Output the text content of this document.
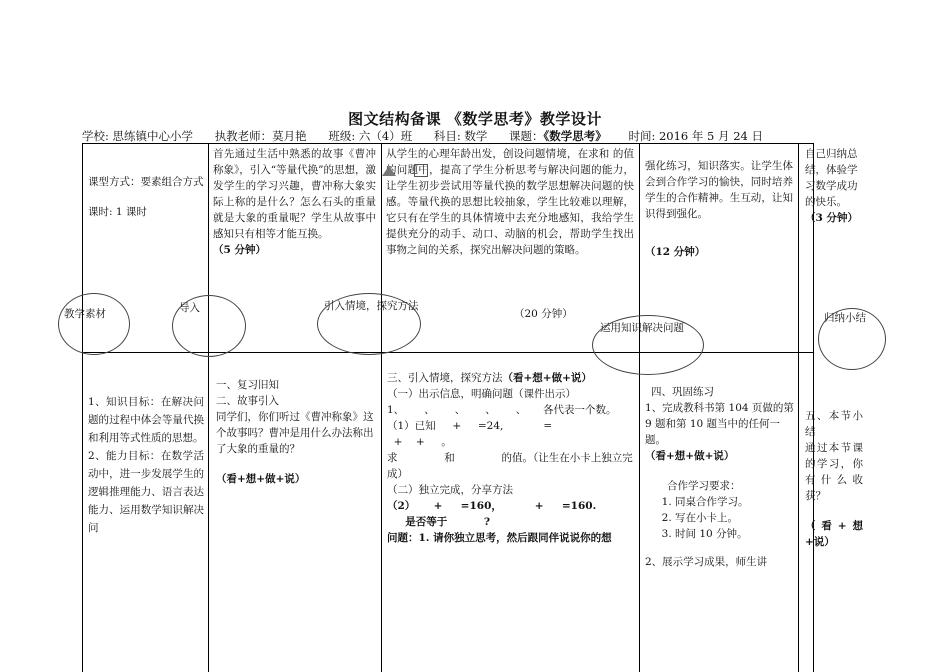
图文结构备课 《数学思考》教学设计
学校: 思练镇中心小学 执教老师：莫月艳 班级: 六（4）班 科目: 数学 课题：《数学思考》 时间: 2016 年 5 月 24 日

课型方式：要素组合方式

课时: 1 课时

首先通过生活中熟悉的故事《曹冲称象》，引入“等量代换”的思想，激发学生的学习兴趣，曹冲称大象实际上称的是什么？怎么石头的重量就是大象的重量呢？学生从故事中感知只有相等才能互换。

（5 分钟）

从学生的心理年龄出发，创设问题情境，在求和 的值的问题中，提高了学生分析思考与解决问题的能力，让学生初步尝试用等量代换的数学思想解决问题的快感。等量代换的思想比较抽象，学生比较难以理解，它只有在学生的具体情境中去充分地感知，我给学生提供充分的动手、动口、动脑的机会，帮助学生找出事物之间的关系，探究出解决问题的策略。

强化练习，知识落实。让学生体会到合作学习的愉快，同时培养学生的合作精神。生互动，让知识得到强化。

（12 分钟）

自己归纳总结，体验学习数学成功的快乐。

（3 分钟）

教学素材	导入	引入情境，探究方法
（20 分钟）
运用知识解决问题
归纳小结

1、知识目标：在解决问题的过程中体会等量代换和利用等式性质的思想。

2、能力目标：在数学活动中，进一步发展学生的逻辑推理能力、语言表达能力、运用数学知识解决问

一、复习旧知

二、故事引入

同学们，你们听过《曹冲称象》这个故事吗？曹冲是用什么办法称出了大象的重量的？

（看+想+做+说）

三、引入情境，探究方法（看+想+做+说）

（一）出示信息，明确问题（课件出示）

1、      、      、      、      、     各代表一个数。

（1）已知     +     =24,            =

+    +     。

求              和              的值。（让生在小卡上独立完成）

（二）独立完成，分享方法

（2）     +     =160，         +     =160.

是否等于          ?

问题：1. 请你独立思考，然后跟同伴说说你的想

四、巩固练习

1、完成教科书第 104 页做的第 9 题和第 10 题当中的任何一题。

（看+想+做+说）

合作学习要求：

1. 同桌合作学习。
2. 写在小卡上。
3. 时间 10 分钟。

2、展示学习成果，师生讲

五、本节小结

通过本节课的学习，你有什么收获？

（看+想+说）
